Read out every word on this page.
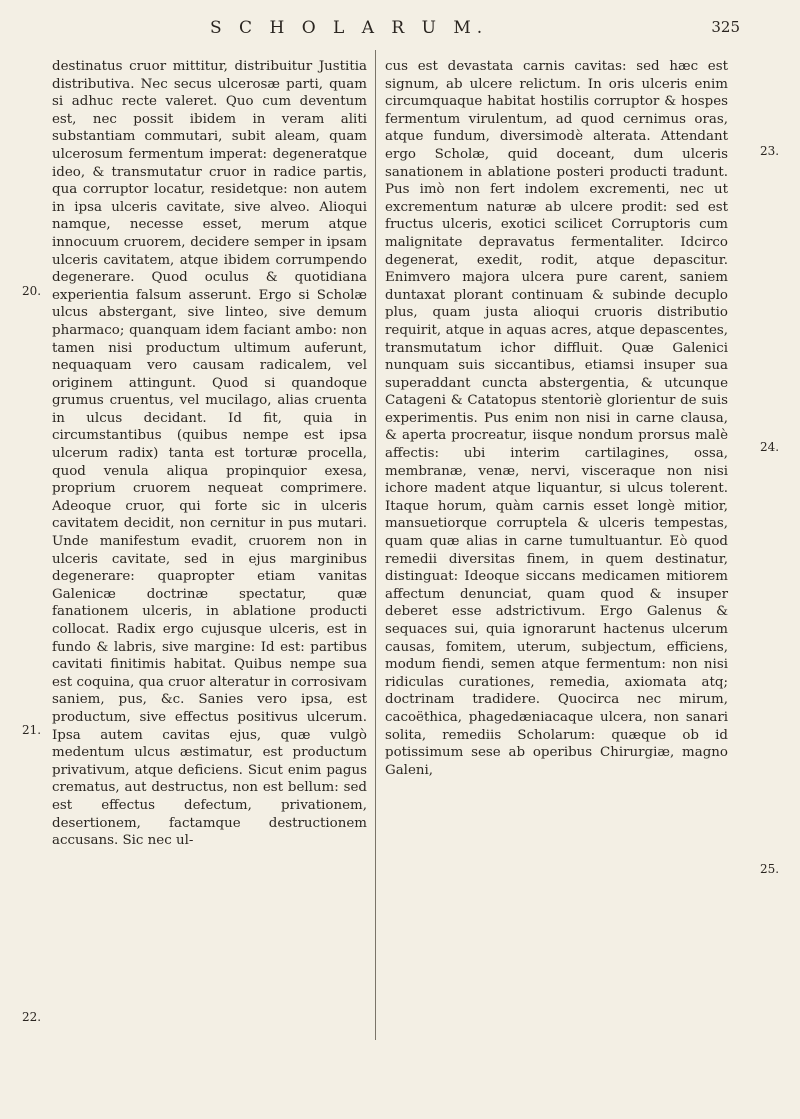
S C H O L A R U M.	325

destinatus cruor mittitur, distribuitur Justitia distributiva. Nec secus ulcerosæ parti, quam si adhuc recte valeret. Quo cum deventum est, nec possit ibidem in veram aliti substantiam commutari, subit aleam, quam ulcerosum fermentum imperat: degeneratque ideo, & transmutatur cruor in radice partis, qua corruptor locatur, residetque: non autem in ipsa ulceris cavitate, sive alveo. Alioqui namque, necesse esset, merum atque innocuum cruorem, decidere semper in ipsam ulceris cavitatem, atque ibidem corrumpendo degenerare. Quod oculus & quotidiana experientia falsum asserunt. Ergo si Scholæ ulcus abstergant, sive linteo, sive demum pharmaco; quanquam idem faciant ambo: non tamen nisi productum ultimum auferunt, nequaquam vero causam radicalem, vel originem attingunt. Quod si quandoque grumus cruentus, vel mucilago, alias cruenta in ulcus decidant. Id fit, quia in circumstantibus (quibus nempe est ipsa ulcerum radix) tanta est torturæ procella, quod venula aliqua propinquior exesa, proprium cruorem nequeat comprimere. Adeoque cruor, qui forte sic in ulceris cavitatem decidit, non cernitur in pus mutari. Unde manifestum evadit, cruorem non in ulceris cavitate, sed in ejus marginibus degenerare: quapropter etiam vanitas Galenicæ doctrinæ spectatur, quæ fanationem ulceris, in ablatione producti collocat. Radix ergo cujusque ulceris, est in fundo & labris, sive margine: Id est: partibus cavitati finitimis habitat. Quibus nempe sua est coquina, qua cruor alteratur in corrosivam saniem, pus, &c. Sanies vero ipsa, est productum, sive effectus positivus ulcerum. Ipsa autem cavitas ejus, quæ vulgò medentum ulcus æstimatur, est productum privativum, atque deficiens. Sicut enim pagus crematus, aut destructus, non est bellum: sed est effectus defectum, privationem, desertionem, factamque destructionem accusans. Sic nec ul-

cus est devastata carnis cavitas: sed hæc est signum, ab ulcere relictum. In oris ulceris enim circumquaque habitat hostilis corruptor & hospes fermentum virulentum, ad quod cernimus oras, atque fundum, diversimodè alterata. Attendant ergo Scholæ, quid doceant, dum ulceris sanationem in ablatione posteri producti tradunt. Pus imò non fert indolem excrementi, nec ut excrementum naturæ ab ulcere prodit: sed est fructus ulceris, exotici scilicet Corruptoris cum malignitate depravatus fermentaliter. Idcirco degenerat, exedit, rodit, atque depascitur. Enimvero majora ulcera pure carent, saniem duntaxat plorant continuam & subinde decuplo plus, quam justa alioqui cruoris distributio requirit, atque in aquas acres, atque depascentes, transmutatum ichor diffluit. Quæ Galenici nunquam suis siccantibus, etiamsi insuper sua superaddant cuncta abstergentia, & utcunque Catageni & Catatopus stentoriè glorientur de suis experimentis. Pus enim non nisi in carne clausa, & aperta procreatur, iisque nondum prorsus malè affectis: ubi interim cartilagines, ossa, membranæ, venæ, nervi, visceraque non nisi ichore madent atque liquantur, si ulcus tolerent. Itaque horum, quàm carnis esset longè mitior, mansuetiorque corruptela & ulceris tempestas, quam quæ alias in carne tumultuantur. Eò quod remedii diversitas finem, in quem destinatur, distinguat: Ideoque siccans medicamen mitiorem affectum denunciat, quam quod & insuper deberet esse adstrictivum. Ergo Galenus & sequaces sui, quia ignorarunt hactenus ulcerum causas, fomitem, uterum, subjectum, efficiens, modum fiendi, semen atque fermentum: non nisi ridiculas curationes, remedia, axiomata atq; doctrinam tradidere. Quocirca nec mirum, cacoëthica, phagedæniacaque ulcera, non sanari solita, remediis Scholarum: quæque ob id potissimum sese ab operibus Chirurgiæ, magno Galeni,

20.
21.
22.
23.
24.
25.
